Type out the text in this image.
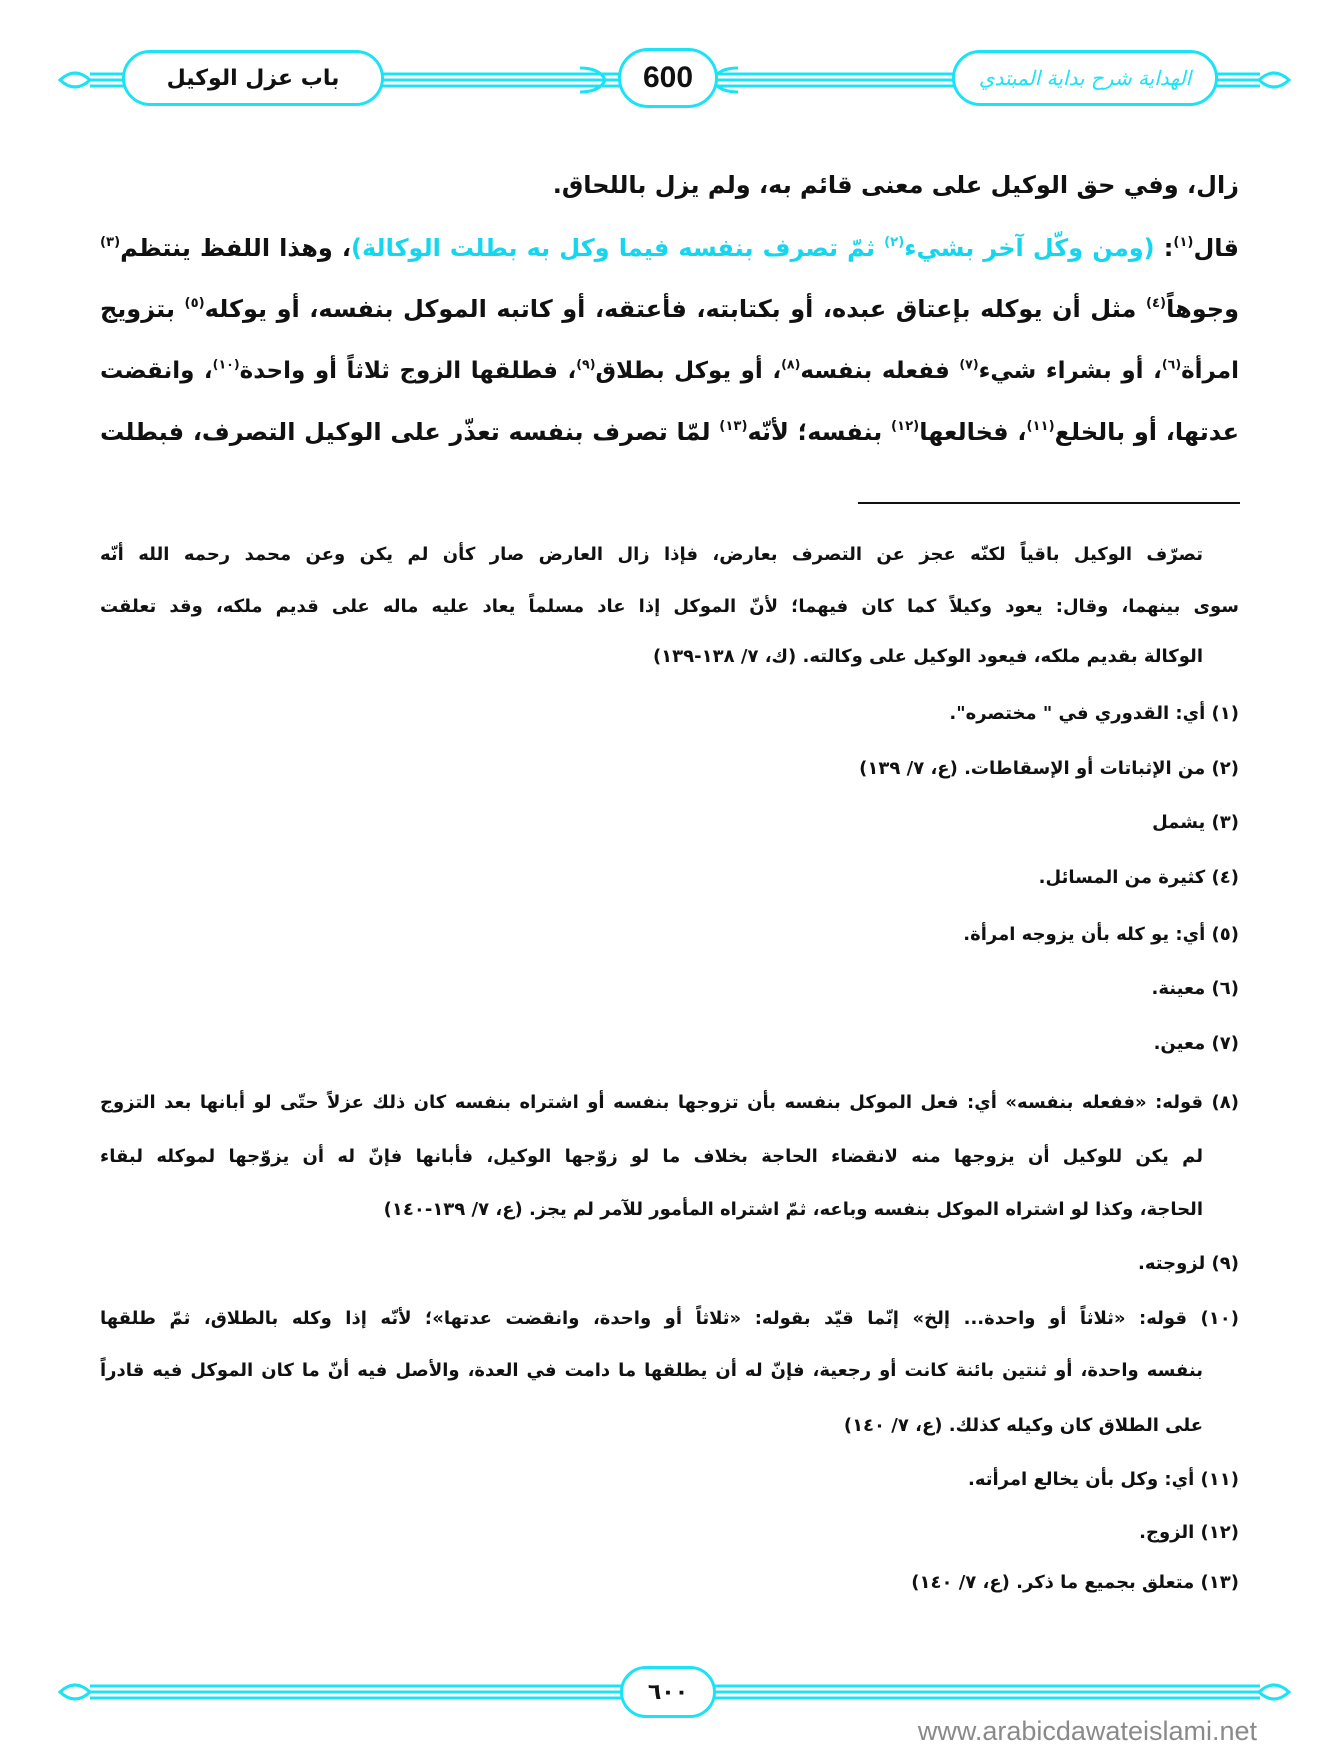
باب عزل الوكيل	600	الهداية شرح بداية المبتدي
زال، وفي حق الوكيل على معنى قائم به، ولم يزل باللحاق.
قال$^{(١)}$: (ومن وكّل آخر بشيء$^{(٢)}$ ثمّ تصرف بنفسه فيما وكل به بطلت الوكالة)، وهذا اللفظ ينتظم$^{(٣)}$
وجوهاً$^{(٤)}$ مثل أن يوكله بإعتاق عبده، أو بكتابته، فأعتقه، أو كاتبه الموكل بنفسه، أو يوكله$^{(٥)}$ بتزويج
امرأة$^{(٦)}$، أو بشراء شيء$^{(٧)}$ ففعله بنفسه$^{(٨)}$، أو يوكل بطلاق$^{(٩)}$، فطلقها الزوج ثلاثاً أو واحدة$^{(١٠)}$، وانقضت
عدتها، أو بالخلع$^{(١١)}$، فخالعها$^{(١٢)}$ بنفسه؛ لأنّه$^{(١٣)}$ لمّا تصرف بنفسه تعذّر على الوكيل التصرف، فبطلت
تصرّف الوكيل باقياً لكنّه عجز عن التصرف بعارض، فإذا زال العارض صار كأن لم يكن وعن محمد رحمه الله أنّه
سوى بينهما، وقال: يعود وكيلاً كما كان فيهما؛ لأنّ الموكل إذا عاد مسلماً يعاد عليه ماله على قديم ملكه، وقد تعلقت
الوكالة بقديم ملكه، فيعود الوكيل على وكالته. (ك، ٧/ ١٣٨-١٣٩)
(١) أي: القدوري في " مختصره".
(٢) من الإثباتات أو الإسقاطات. (ع، ٧/ ١٣٩)
(٣) يشمل
(٤) كثيرة من المسائل.
(٥) أي: يو كله بأن يزوجه امرأة.
(٦) معينة.
(٧) معين.
(٨) قوله: «ففعله بنفسه» أي: فعل الموكل بنفسه بأن تزوجها بنفسه أو اشتراه بنفسه كان ذلك عزلاً حتّى لو أبانها بعد التزوج
لم يكن للوكيل أن يزوجها منه لانقضاء الحاجة بخلاف ما لو زوّجها الوكيل، فأبانها فإنّ له أن يزوّجها لموكله لبقاء
الحاجة، وكذا لو اشتراه الموكل بنفسه وباعه، ثمّ اشتراه المأمور للآمر لم يجز. (ع، ٧/ ١٣٩-١٤٠)
(٩) لزوجته.
(١٠) قوله: «ثلاثاً أو واحدة... إلخ» إنّما قيّد بقوله: «ثلاثاً أو واحدة، وانقضت عدتها»؛ لأنّه إذا وكله بالطلاق، ثمّ طلقها
بنفسه واحدة، أو ثنتين بائنة كانت أو رجعية، فإنّ له أن يطلقها ما دامت في العدة، والأصل فيه أنّ ما كان الموكل فيه قادراً
على الطلاق كان وكيله كذلك. (ع، ٧/ ١٤٠)
(١١) أي: وكل بأن يخالع امرأته.
(١٢) الزوج.
(١٣) متعلق بجميع ما ذكر. (ع، ٧/ ١٤٠)
٦٠٠
www.arabicdawateislami.net
